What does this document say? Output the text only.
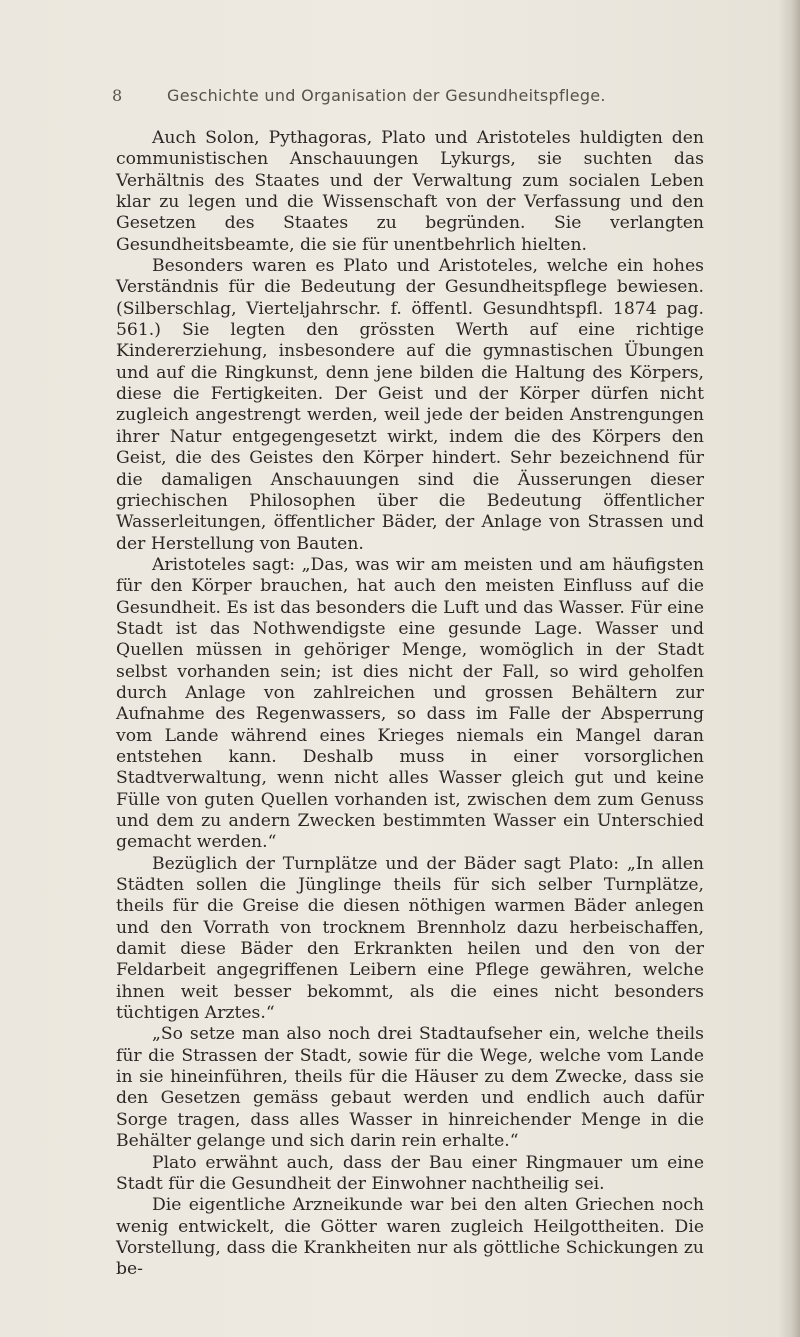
8	Geschichte und Organisation der Gesundheitspflege.

Auch Solon, Pythagoras, Plato und Aristoteles huldigten den communistischen Anschauungen Lykurgs, sie suchten das Verhältnis des Staates und der Verwaltung zum socialen Leben klar zu legen und die Wissenschaft von der Verfassung und den Gesetzen des Staates zu begründen. Sie verlangten Gesundheitsbeamte, die sie für unentbehrlich hielten.

Besonders waren es Plato und Aristoteles, welche ein hohes Verständnis für die Bedeutung der Gesundheitspflege bewiesen. (Silberschlag, Vierteljahrschr. f. öffentl. Gesundhtspfl. 1874 pag. 561.) Sie legten den grössten Werth auf eine richtige Kindererziehung, insbesondere auf die gymnastischen Übungen und auf die Ringkunst, denn jene bilden die Haltung des Körpers, diese die Fertigkeiten. Der Geist und der Körper dürfen nicht zugleich angestrengt werden, weil jede der beiden Anstrengungen ihrer Natur entgegengesetzt wirkt, indem die des Körpers den Geist, die des Geistes den Körper hindert. Sehr bezeichnend für die damaligen Anschauungen sind die Äusserungen dieser griechischen Philosophen über die Bedeutung öffentlicher Wasserleitungen, öffentlicher Bäder, der Anlage von Strassen und der Herstellung von Bauten.

Aristoteles sagt: „Das, was wir am meisten und am häufigsten für den Körper brauchen, hat auch den meisten Einfluss auf die Gesundheit. Es ist das besonders die Luft und das Wasser. Für eine Stadt ist das Nothwendigste eine gesunde Lage. Wasser und Quellen müssen in gehöriger Menge, womöglich in der Stadt selbst vorhanden sein; ist dies nicht der Fall, so wird geholfen durch Anlage von zahlreichen und grossen Behältern zur Aufnahme des Regenwassers, so dass im Falle der Absperrung vom Lande während eines Krieges niemals ein Mangel daran entstehen kann. Deshalb muss in einer vorsorglichen Stadtverwaltung, wenn nicht alles Wasser gleich gut und keine Fülle von guten Quellen vorhanden ist, zwischen dem zum Genuss und dem zu andern Zwecken bestimmten Wasser ein Unterschied gemacht werden.“

Bezüglich der Turnplätze und der Bäder sagt Plato: „In allen Städten sollen die Jünglinge theils für sich selber Turnplätze, theils für die Greise die diesen nöthigen warmen Bäder anlegen und den Vorrath von trocknem Brennholz dazu herbeischaffen, damit diese Bäder den Erkrankten heilen und den von der Feldarbeit angegriffenen Leibern eine Pflege gewähren, welche ihnen weit besser bekommt, als die eines nicht besonders tüchtigen Arztes.“

„So setze man also noch drei Stadtaufseher ein, welche theils für die Strassen der Stadt, sowie für die Wege, welche vom Lande in sie hineinführen, theils für die Häuser zu dem Zwecke, dass sie den Gesetzen gemäss gebaut werden und endlich auch dafür Sorge tragen, dass alles Wasser in hinreichender Menge in die Behälter gelange und sich darin rein erhalte.“

Plato erwähnt auch, dass der Bau einer Ringmauer um eine Stadt für die Gesundheit der Einwohner nachtheilig sei.

Die eigentliche Arzneikunde war bei den alten Griechen noch wenig entwickelt, die Götter waren zugleich Heilgottheiten. Die Vorstellung, dass die Krankheiten nur als göttliche Schickungen zu be-
